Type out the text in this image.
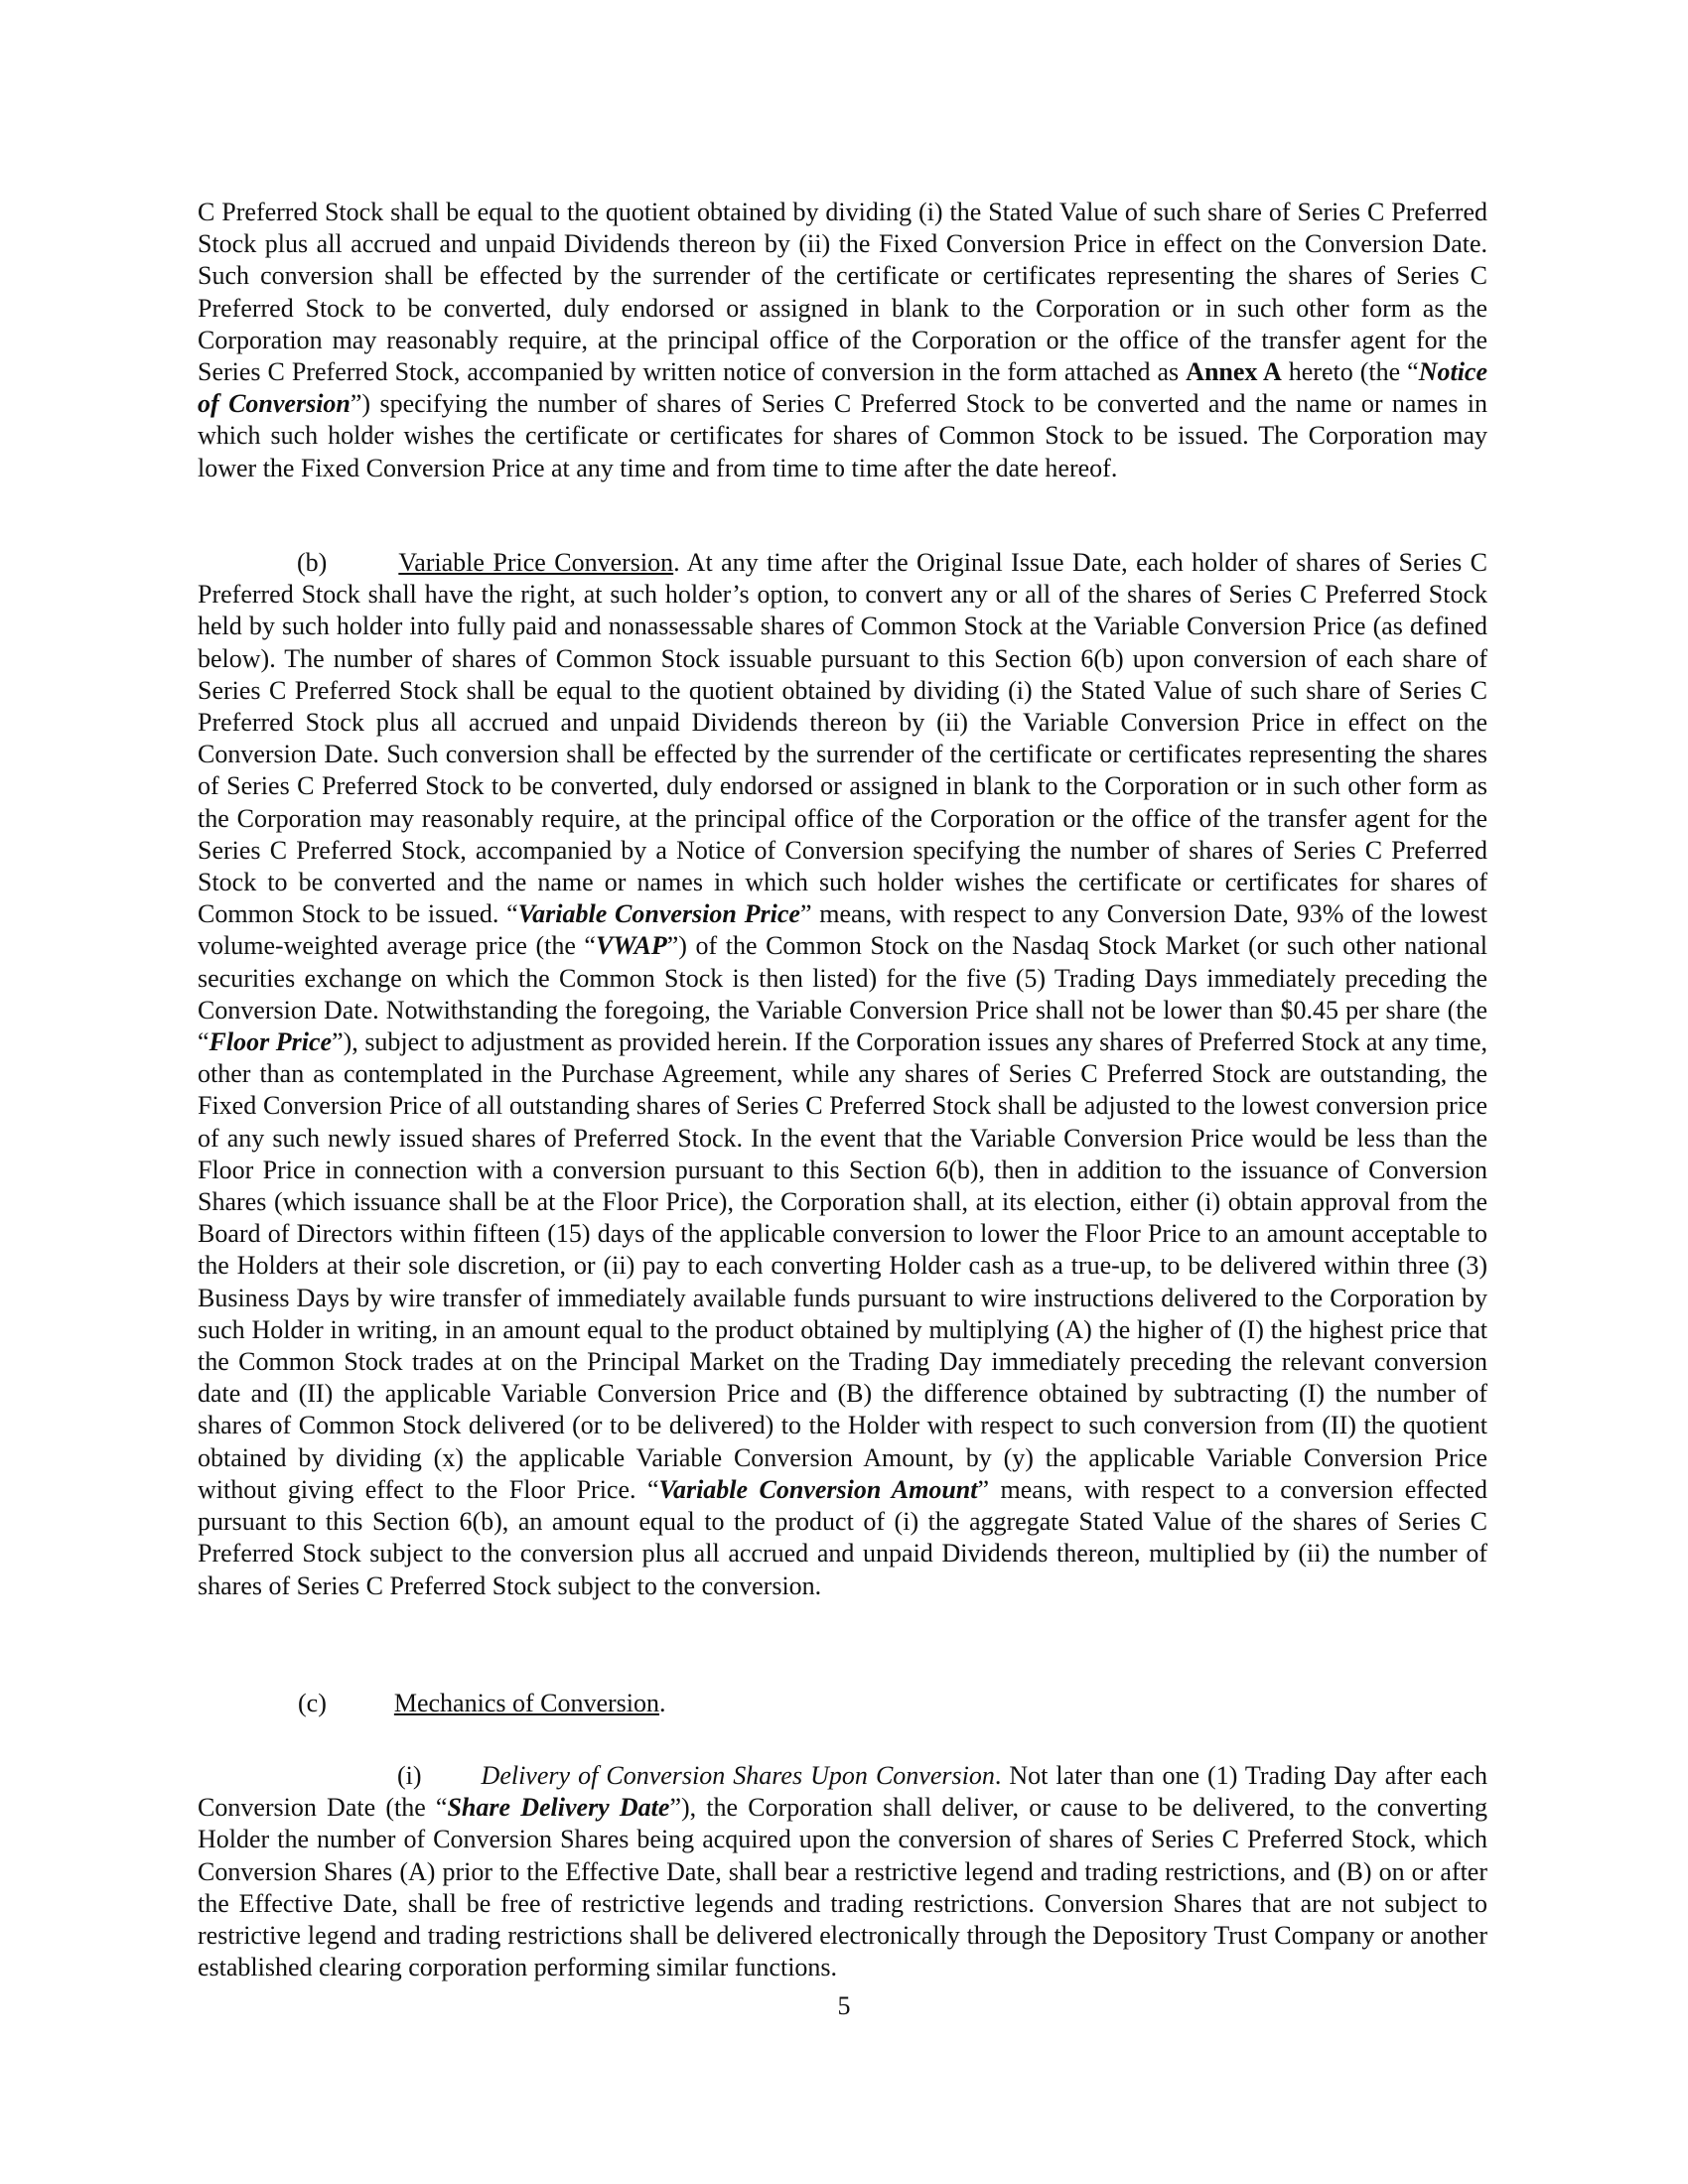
C Preferred Stock shall be equal to the quotient obtained by dividing (i) the Stated Value of such share of Series C Preferred Stock plus all accrued and unpaid Dividends thereon by (ii) the Fixed Conversion Price in effect on the Conversion Date. Such conversion shall be effected by the surrender of the certificate or certificates representing the shares of Series C Preferred Stock to be converted, duly endorsed or assigned in blank to the Corporation or in such other form as the Corporation may reasonably require, at the principal office of the Corporation or the office of the transfer agent for the Series C Preferred Stock, accompanied by written notice of conversion in the form attached as Annex A hereto (the “Notice of Conversion”) specifying the number of shares of Series C Preferred Stock to be converted and the name or names in which such holder wishes the certificate or certificates for shares of Common Stock to be issued. The Corporation may lower the Fixed Conversion Price at any time and from time to time after the date hereof.

(b)	Variable Price Conversion. At any time after the Original Issue Date, each holder of shares of Series C Preferred Stock shall have the right, at such holder’s option, to convert any or all of the shares of Series C Preferred Stock held by such holder into fully paid and nonassessable shares of Common Stock at the Variable Conversion Price (as defined below). The number of shares of Common Stock issuable pursuant to this Section 6(b) upon conversion of each share of Series C Preferred Stock shall be equal to the quotient obtained by dividing (i) the Stated Value of such share of Series C Preferred Stock plus all accrued and unpaid Dividends thereon by (ii) the Variable Conversion Price in effect on the Conversion Date. Such conversion shall be effected by the surrender of the certificate or certificates representing the shares of Series C Preferred Stock to be converted, duly endorsed or assigned in blank to the Corporation or in such other form as the Corporation may reasonably require, at the principal office of the Corporation or the office of the transfer agent for the Series C Preferred Stock, accompanied by a Notice of Conversion specifying the number of shares of Series C Preferred Stock to be converted and the name or names in which such holder wishes the certificate or certificates for shares of Common Stock to be issued. “Variable Conversion Price” means, with respect to any Conversion Date, 93% of the lowest volume-weighted average price (the “VWAP”) of the Common Stock on the Nasdaq Stock Market (or such other national securities exchange on which the Common Stock is then listed) for the five (5) Trading Days immediately preceding the Conversion Date. Notwithstanding the foregoing, the Variable Conversion Price shall not be lower than $0.45 per share (the “Floor Price”), subject to adjustment as provided herein. If the Corporation issues any shares of Preferred Stock at any time, other than as contemplated in the Purchase Agreement, while any shares of Series C Preferred Stock are outstanding, the Fixed Conversion Price of all outstanding shares of Series C Preferred Stock shall be adjusted to the lowest conversion price of any such newly issued shares of Preferred Stock. In the event that the Variable Conversion Price would be less than the Floor Price in connection with a conversion pursuant to this Section 6(b), then in addition to the issuance of Conversion Shares (which issuance shall be at the Floor Price), the Corporation shall, at its election, either (i) obtain approval from the Board of Directors within fifteen (15) days of the applicable conversion to lower the Floor Price to an amount acceptable to the Holders at their sole discretion, or (ii) pay to each converting Holder cash as a true-up, to be delivered within three (3) Business Days by wire transfer of immediately available funds pursuant to wire instructions delivered to the Corporation by such Holder in writing, in an amount equal to the product obtained by multiplying (A) the higher of (I) the highest price that the Common Stock trades at on the Principal Market on the Trading Day immediately preceding the relevant conversion date and (II) the applicable Variable Conversion Price and (B) the difference obtained by subtracting (I) the number of shares of Common Stock delivered (or to be delivered) to the Holder with respect to such conversion from (II) the quotient obtained by dividing (x) the applicable Variable Conversion Amount, by (y) the applicable Variable Conversion Price without giving effect to the Floor Price. “Variable Conversion Amount” means, with respect to a conversion effected pursuant to this Section 6(b), an amount equal to the product of (i) the aggregate Stated Value of the shares of Series C Preferred Stock subject to the conversion plus all accrued and unpaid Dividends thereon, multiplied by (ii) the number of shares of Series C Preferred Stock subject to the conversion.

(c)	Mechanics of Conversion.

(i) Delivery of Conversion Shares Upon Conversion. Not later than one (1) Trading Day after each Conversion Date (the “Share Delivery Date”), the Corporation shall deliver, or cause to be delivered, to the converting Holder the number of Conversion Shares being acquired upon the conversion of shares of Series C Preferred Stock, which Conversion Shares (A) prior to the Effective Date, shall bear a restrictive legend and trading restrictions, and (B) on or after the Effective Date, shall be free of restrictive legends and trading restrictions. Conversion Shares that are not subject to restrictive legend and trading restrictions shall be delivered electronically through the Depository Trust Company or another established clearing corporation performing similar functions.

5
